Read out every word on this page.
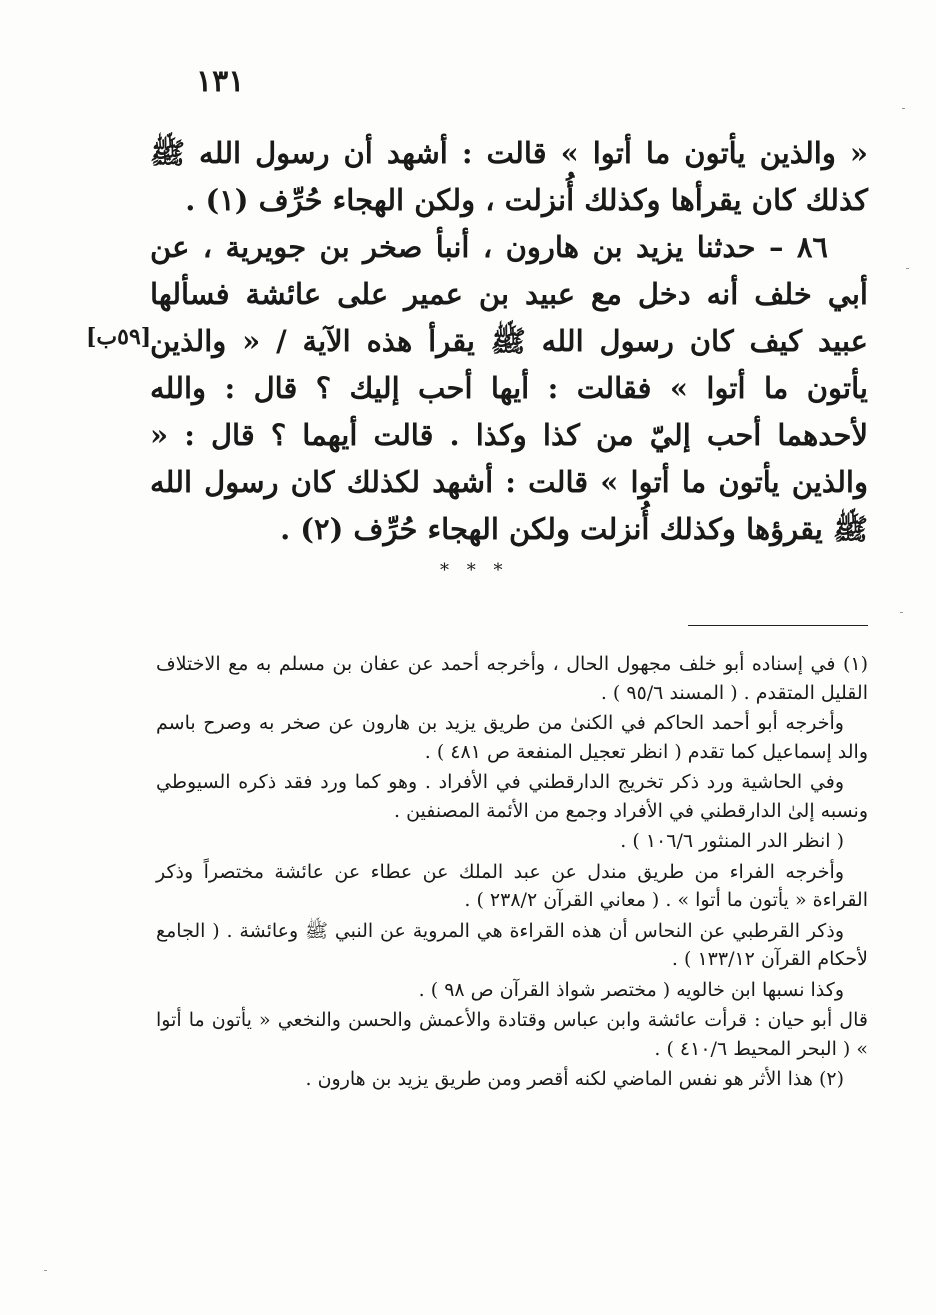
١٣١

« والذين يأتون ما أتوا » قالت : أشهد أن رسول الله ﷺ كذلك كان يقرأها وكذلك أُنزلت ، ولكن الهجاء حُرِّف (١) .

٨٦ – حدثنا يزيد بن هارون ، أنبأ صخر بن جويرية ، عن أبي خلف أنه دخل مع عبيد بن عمير على عائشة فسألها عبيد كيف كان رسول الله ﷺ يقرأ هذه الآية / « والذين يأتون ما أتوا » فقالت : أيها أحب إليك ؟ قال : والله لأحدهما أحب إليّ من كذا وكذا . قالت أيهما ؟ قال : « والذين يأتون ما أتوا » قالت : أشهد لكذلك كان رسول الله ﷺ يقرؤها وكذلك أُنزلت ولكن الهجاء حُرِّف (٢) .

[٥٩ب]
* * *

(١) في إسناده أبو خلف مجهول الحال ، وأخرجه أحمد عن عفان بن مسلم به مع الاختلاف القليل المتقدم . ( المسند ٩٥/٦ ) .

وأخرجه أبو أحمد الحاكم في الكنىٰ من طريق يزيد بن هارون عن صخر به وصرح باسم والد إسماعيل كما تقدم ( انظر تعجيل المنفعة ص ٤٨١ ) .

وفي الحاشية ورد ذكر تخريج الدارقطني في الأفراد . وهو كما ورد فقد ذكره السيوطي ونسبه إلىٰ الدارقطني في الأفراد وجمع من الأئمة المصنفين .

( انظر الدر المنثور ١٠٦/٦ ) .

وأخرجه الفراء من طريق مندل عن عبد الملك عن عطاء عن عائشة مختصراً وذكر القراءة « يأتون ما أتوا » . ( معاني القرآن ٢٣٨/٢ ) .

وذكر القرطبي عن النحاس أن هذه القراءة هي المروية عن النبي ﷺ وعائشة . ( الجامع لأحكام القرآن ١٣٣/١٢ ) .

وكذا نسبها ابن خالويه ( مختصر شواذ القرآن ص ٩٨ ) .

قال أبو حيان : قرأت عائشة وابن عباس وقتادة والأعمش والحسن والنخعي « يأتون ما أتوا » ( البحر المحيط ٤١٠/٦ ) .

(٢) هذا الأثر هو نفس الماضي لكنه أقصر ومن طريق يزيد بن هارون .
